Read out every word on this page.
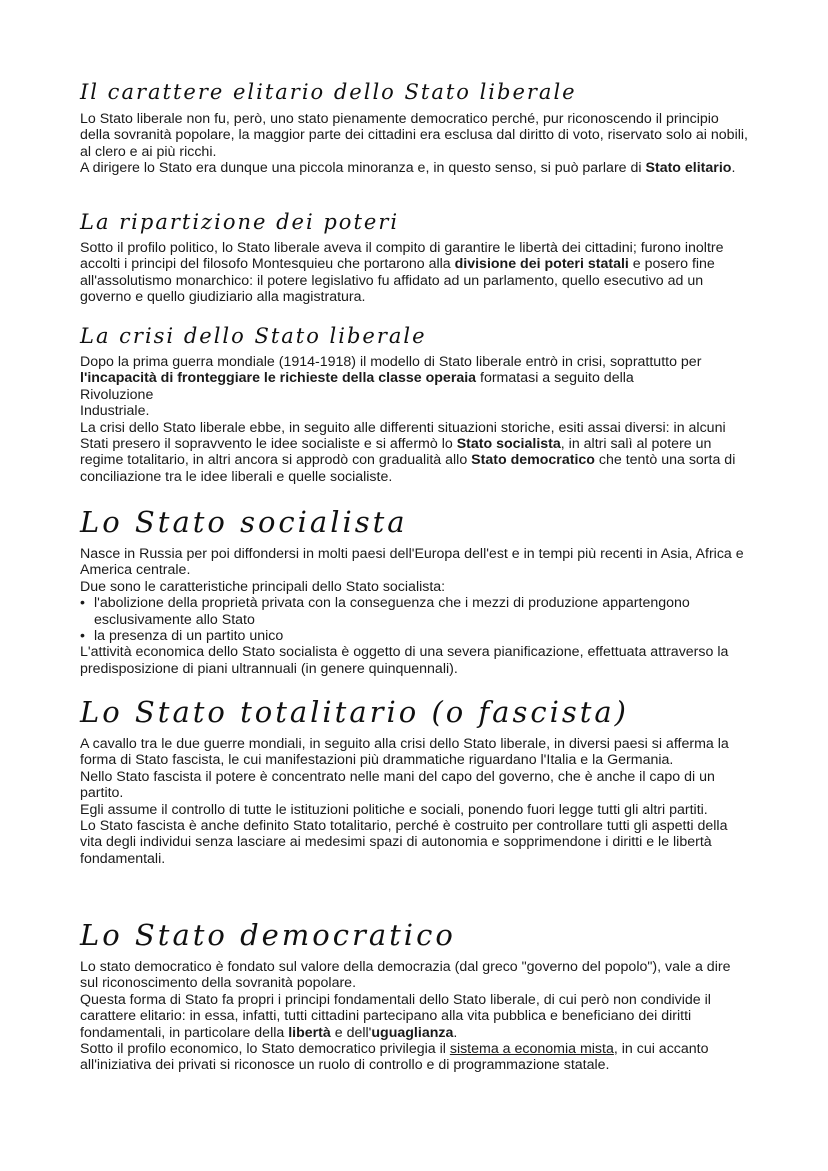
Il carattere elitario dello Stato liberale

Lo Stato liberale non fu, però, uno stato pienamente democratico perché, pur riconoscendo il principio della sovranità popolare, la maggior parte dei cittadini era esclusa dal diritto di voto, riservato solo ai nobili, al clero e ai più ricchi.

A dirigere lo Stato era dunque una piccola minoranza e, in questo senso, si può parlare di Stato elitario.

La ripartizione dei poteri

Sotto il profilo politico, lo Stato liberale aveva il compito di garantire le libertà dei cittadini; furono inoltre accolti i principi del filosofo Montesquieu che portarono alla divisione dei poteri statali e posero fine all'assolutismo monarchico: il potere legislativo fu affidato ad un parlamento, quello esecutivo ad un governo e quello giudiziario alla magistratura.

La crisi dello Stato liberale

Dopo la prima guerra mondiale (1914-1918) il modello di Stato liberale entrò in crisi, soprattutto per l'incapacità di fronteggiare le richieste della classe operaia formatasi a seguito della
Rivoluzione
Industriale.

La crisi dello Stato liberale ebbe, in seguito alle differenti situazioni storiche, esiti assai diversi: in alcuni Stati presero il sopravvento le idee socialiste e si affermò lo Stato socialista, in altri salì al potere un regime totalitario, in altri ancora si approdò con gradualità allo Stato democratico che tentò una sorta di conciliazione tra le idee liberali e quelle socialiste.

Lo Stato socialista

Nasce in Russia per poi diffondersi in molti paesi dell'Europa dell'est e in tempi più recenti in Asia, Africa e America centrale.

Due sono le caratteristiche principali dello Stato socialista:

• l'abolizione della proprietà privata con la conseguenza che i mezzi di produzione appartengono esclusivamente allo Stato
• la presenza di un partito unico

L'attività economica dello Stato socialista è oggetto di una severa pianificazione, effettuata attraverso la predisposizione di piani ultrannuali (in genere quinquennali).

Lo Stato totalitario (o fascista)

A cavallo tra le due guerre mondiali, in seguito alla crisi dello Stato liberale, in diversi paesi si afferma la forma di Stato fascista, le cui manifestazioni più drammatiche riguardano l'Italia e la Germania.

Nello Stato fascista il potere è concentrato nelle mani del capo del governo, che è anche il capo di un partito.

Egli assume il controllo di tutte le istituzioni politiche e sociali, ponendo fuori legge tutti gli altri partiti.

Lo Stato fascista è anche definito Stato totalitario, perché è costruito per controllare tutti gli aspetti della vita degli individui senza lasciare ai medesimi spazi di autonomia e sopprimendone i diritti e le libertà fondamentali.

Lo Stato democratico

Lo stato democratico è fondato sul valore della democrazia (dal greco "governo del popolo"), vale a dire sul riconoscimento della sovranità popolare.

Questa forma di Stato fa propri i principi fondamentali dello Stato liberale, di cui però non condivide il carattere elitario: in essa, infatti, tutti cittadini partecipano alla vita pubblica e beneficiano dei diritti fondamentali, in particolare della libertà e dell'uguaglianza.

Sotto il profilo economico, lo Stato democratico privilegia il sistema a economia mista, in cui accanto all'iniziativa dei privati si riconosce un ruolo di controllo e di programmazione statale.
